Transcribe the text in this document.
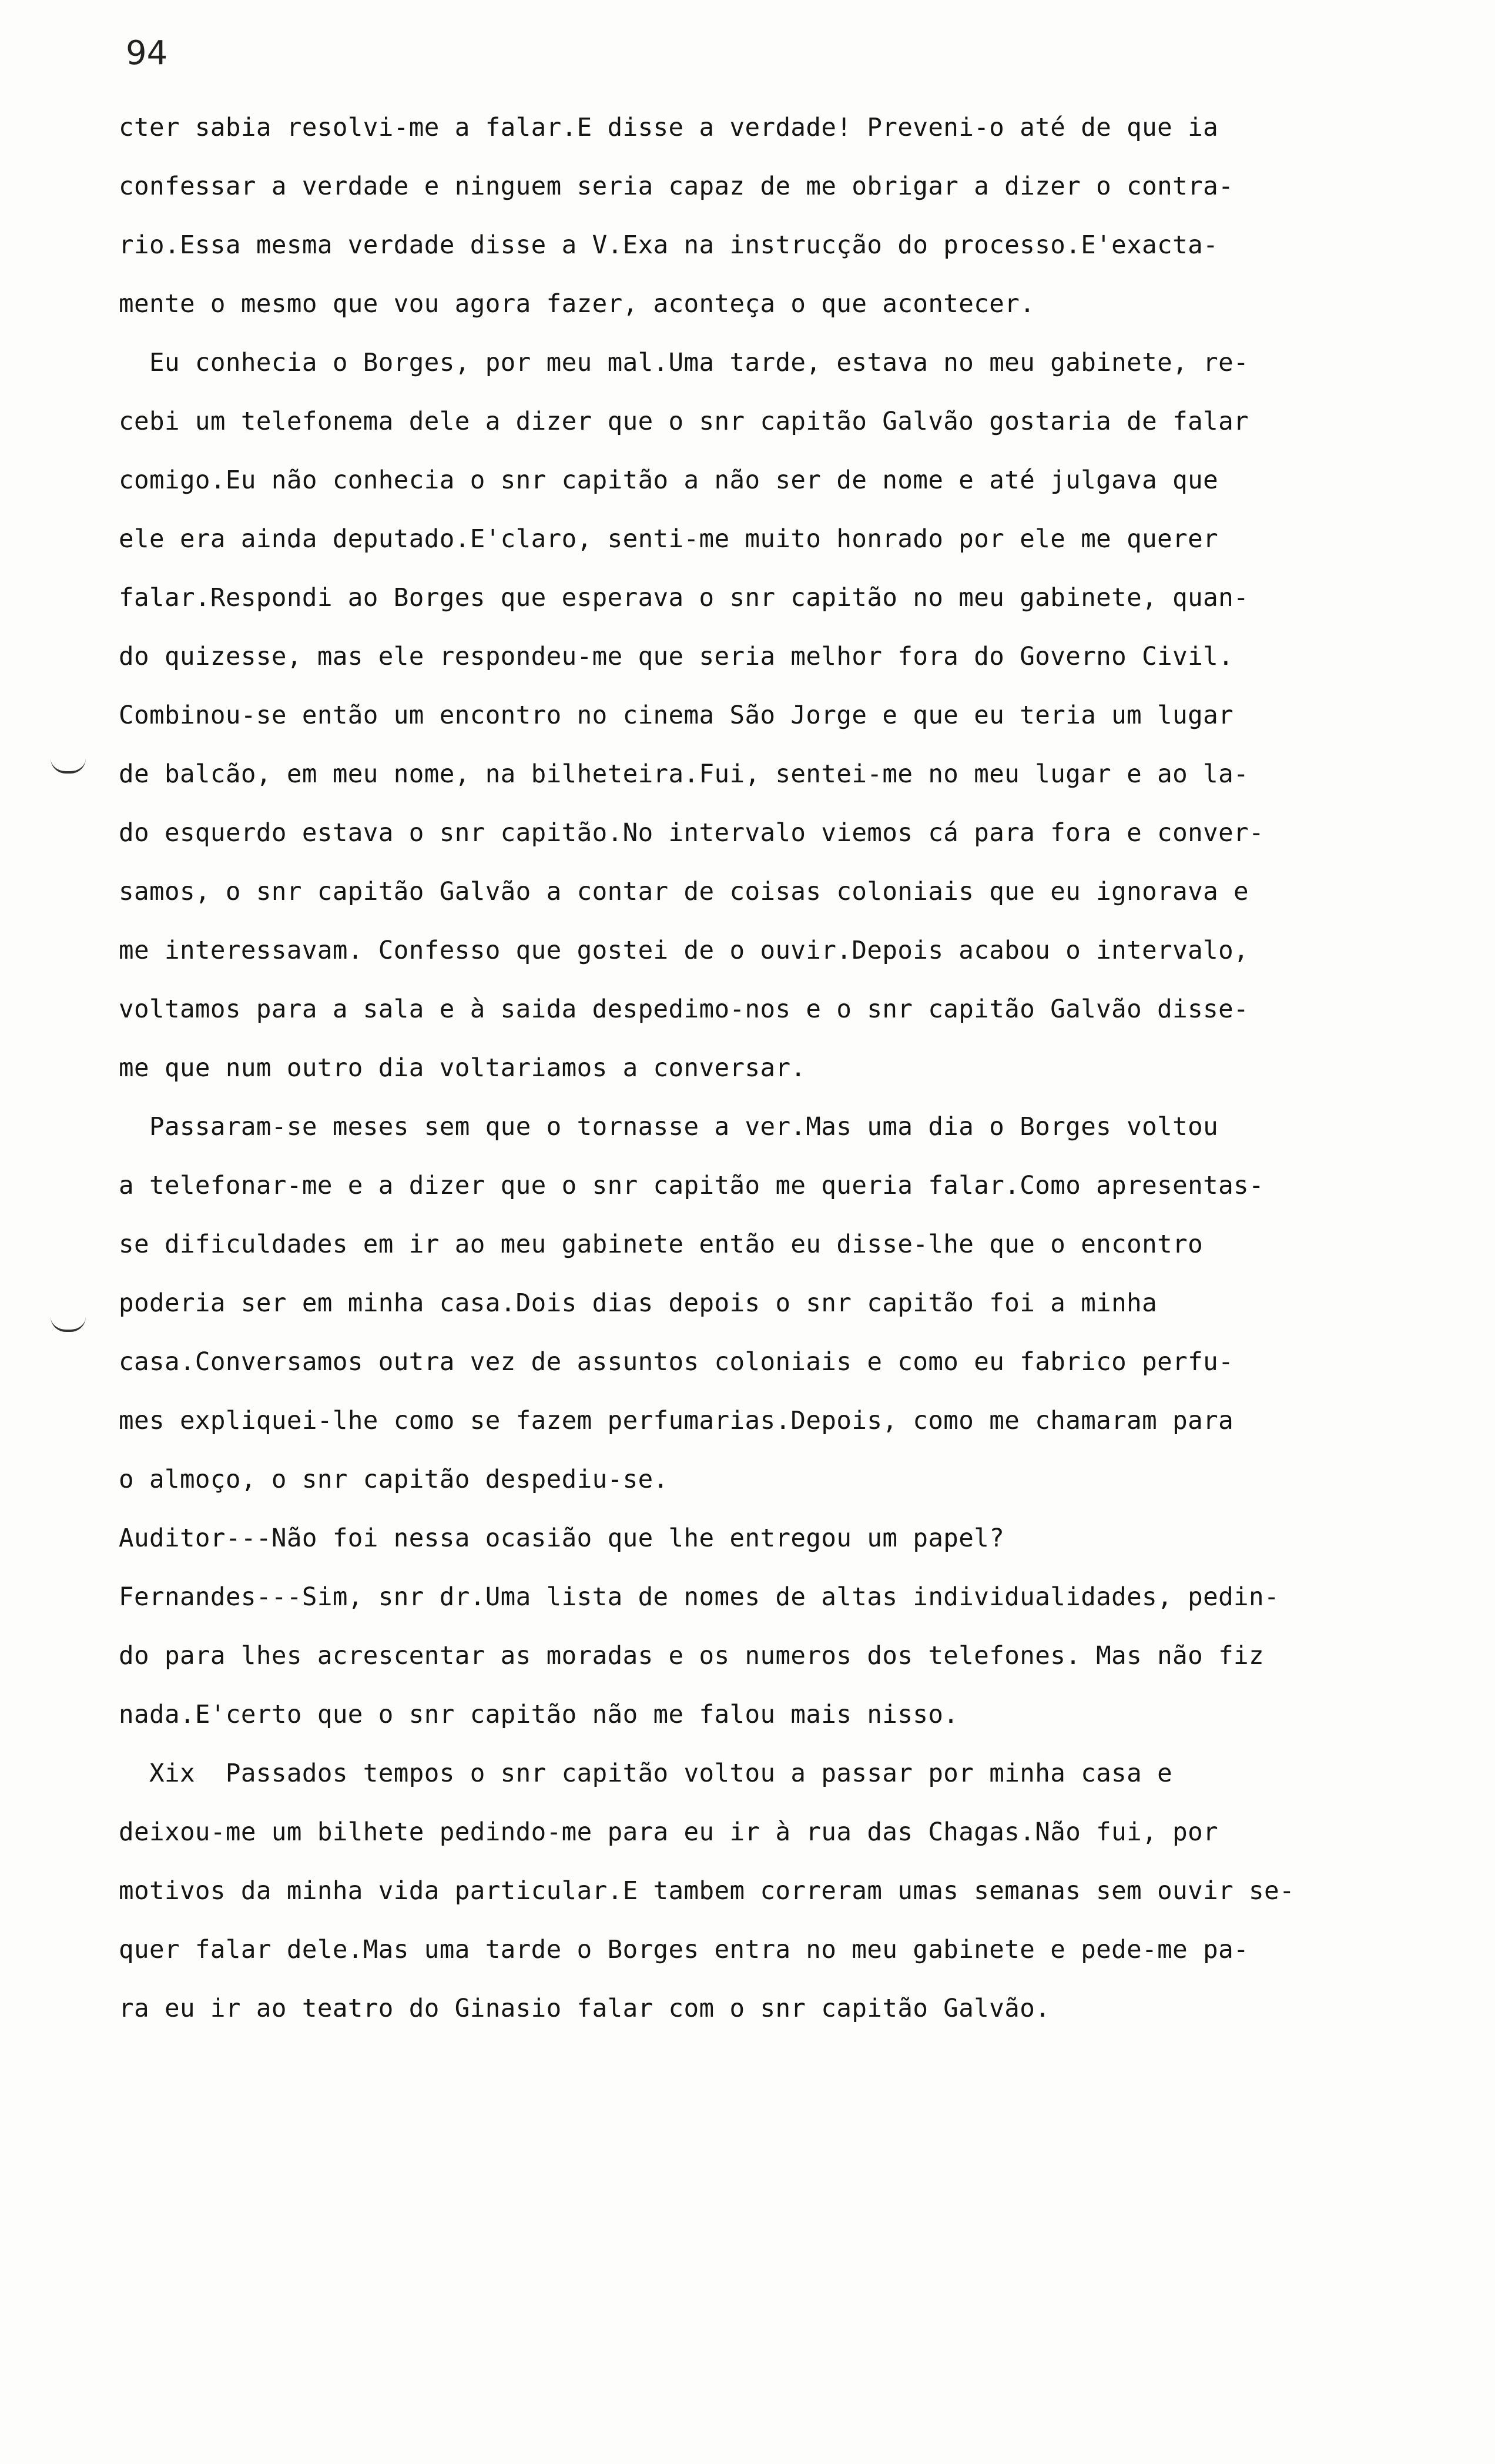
94
cter sabia resolvi-me a falar.E disse a verdade! Preveni-o até de que ia
confessar a verdade e ninguem seria capaz de me obrigar a dizer o contra-
rio.Essa mesma verdade disse a V.Exa na instrucção do processo.E'exacta-
mente o mesmo que vou agora fazer, aconteça o que acontecer.
Eu conhecia o Borges, por meu mal.Uma tarde, estava no meu gabinete, re-
cebi um telefonema dele a dizer que o snr capitão Galvão gostaria de falar
comigo.Eu não conhecia o snr capitão a não ser de nome e até julgava que
ele era ainda deputado.E'claro, senti-me muito honrado por ele me querer
falar.Respondi ao Borges que esperava o snr capitão no meu gabinete, quan-
do quizesse, mas ele respondeu-me que seria melhor fora do Governo Civil.
Combinou-se então um encontro no cinema São Jorge e que eu teria um lugar
de balcão, em meu nome, na bilheteira.Fui, sentei-me no meu lugar e ao la-
do esquerdo estava o snr capitão.No intervalo viemos cá para fora e conver-
samos, o snr capitão Galvão a contar de coisas coloniais que eu ignorava e
me interessavam. Confesso que gostei de o ouvir.Depois acabou o intervalo,
voltamos para a sala e à saida despedimo-nos e o snr capitão Galvão disse-
me que num outro dia voltariamos a conversar.
Passaram-se meses sem que o tornasse a ver.Mas uma dia o Borges voltou
a telefonar-me e a dizer que o snr capitão me queria falar.Como apresentas-
se dificuldades em ir ao meu gabinete então eu disse-lhe que o encontro
poderia ser em minha casa.Dois dias depois o snr capitão foi a minha
casa.Conversamos outra vez de assuntos coloniais e como eu fabrico perfu-
mes expliquei-lhe como se fazem perfumarias.Depois, como me chamaram para
o almoço, o snr capitão despediu-se.
Auditor---Não foi nessa ocasião que lhe entregou um papel?
Fernandes---Sim, snr dr.Uma lista de nomes de altas individualidades, pedin-
do para lhes acrescentar as moradas e os numeros dos telefones. Mas não fiz
nada.E'certo que o snr capitão não me falou mais nisso.
Xix  Passados tempos o snr capitão voltou a passar por minha casa e
deixou-me um bilhete pedindo-me para eu ir à rua das Chagas.Não fui, por
motivos da minha vida particular.E tambem correram umas semanas sem ouvir se-
quer falar dele.Mas uma tarde o Borges entra no meu gabinete e pede-me pa-
ra eu ir ao teatro do Ginasio falar com o snr capitão Galvão.
